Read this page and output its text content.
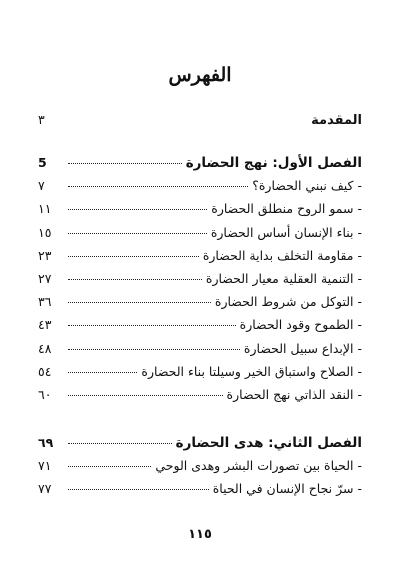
الفهرس
المقدمة
٣
الفصل الأول: نهج الحضارة
5
- كيف نبني الحضارة؟
٧
- سمو الروح منطلق الحضارة
١١
- بناء الإنسان أساس الحضارة
١٥
- مقاومة التخلف بداية الحضارة
٢٣
- التنمية العقلية معيار الحضارة
٢٧
- التوكل من شروط الحضارة
٣٦
- الطموح وقود الحضارة
٤٣
- الإبداع سبيل الحضارة
٤٨
- الصلاح واستباق الخير وسيلتا بناء الحضارة
٥٤
- النقد الذاتي نهج الحضارة
٦٠
الفصل الثاني: هدى الحضارة
٦٩
- الحياة بين تصورات البشر وهدى الوحي
٧١
- سرّ نجاح الإنسان في الحياة
٧٧
١١٥
